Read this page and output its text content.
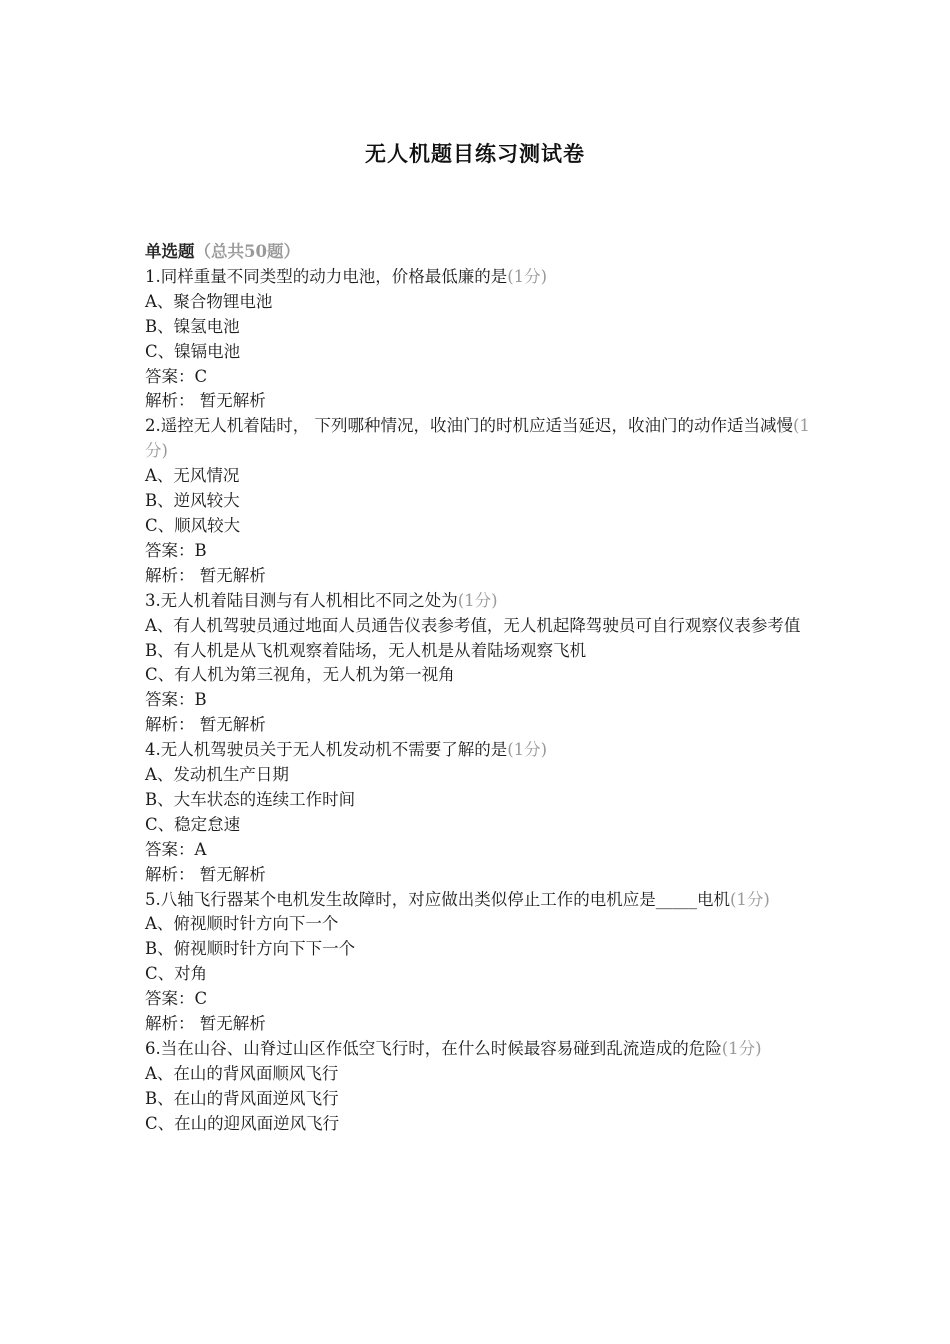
无人机题目练习测试卷
单选题（总共50题）
1.同样重量不同类型的动力电池，价格最低廉的是(1分)
A、聚合物锂电池
B、镍氢电池
C、镍镉电池
答案：C
解析： 暂无解析
2.遥控无人机着陆时， 下列哪种情况，收油门的时机应适当延迟，收油门的动作适当减慢(1分)
A、无风情况
B、逆风较大
C、顺风较大
答案：B
解析： 暂无解析
3.无人机着陆目测与有人机相比不同之处为(1分)
A、有人机驾驶员通过地面人员通告仪表参考值，无人机起降驾驶员可自行观察仪表参考值
B、有人机是从飞机观察着陆场，无人机是从着陆场观察飞机
C、有人机为第三视角，无人机为第一视角
答案：B
解析： 暂无解析
4.无人机驾驶员关于无人机发动机不需要了解的是(1分)
A、发动机生产日期
B、大车状态的连续工作时间
C、稳定怠速
答案：A
解析： 暂无解析
5.八轴飞行器某个电机发生故障时，对应做出类似停止工作的电机应是_____电机(1分)
A、俯视顺时针方向下一个
B、俯视顺时针方向下下一个
C、对角
答案：C
解析： 暂无解析
6.当在山谷、山脊过山区作低空飞行时，在什么时候最容易碰到乱流造成的危险(1分)
A、在山的背风面顺风飞行
B、在山的背风面逆风飞行
C、在山的迎风面逆风飞行
